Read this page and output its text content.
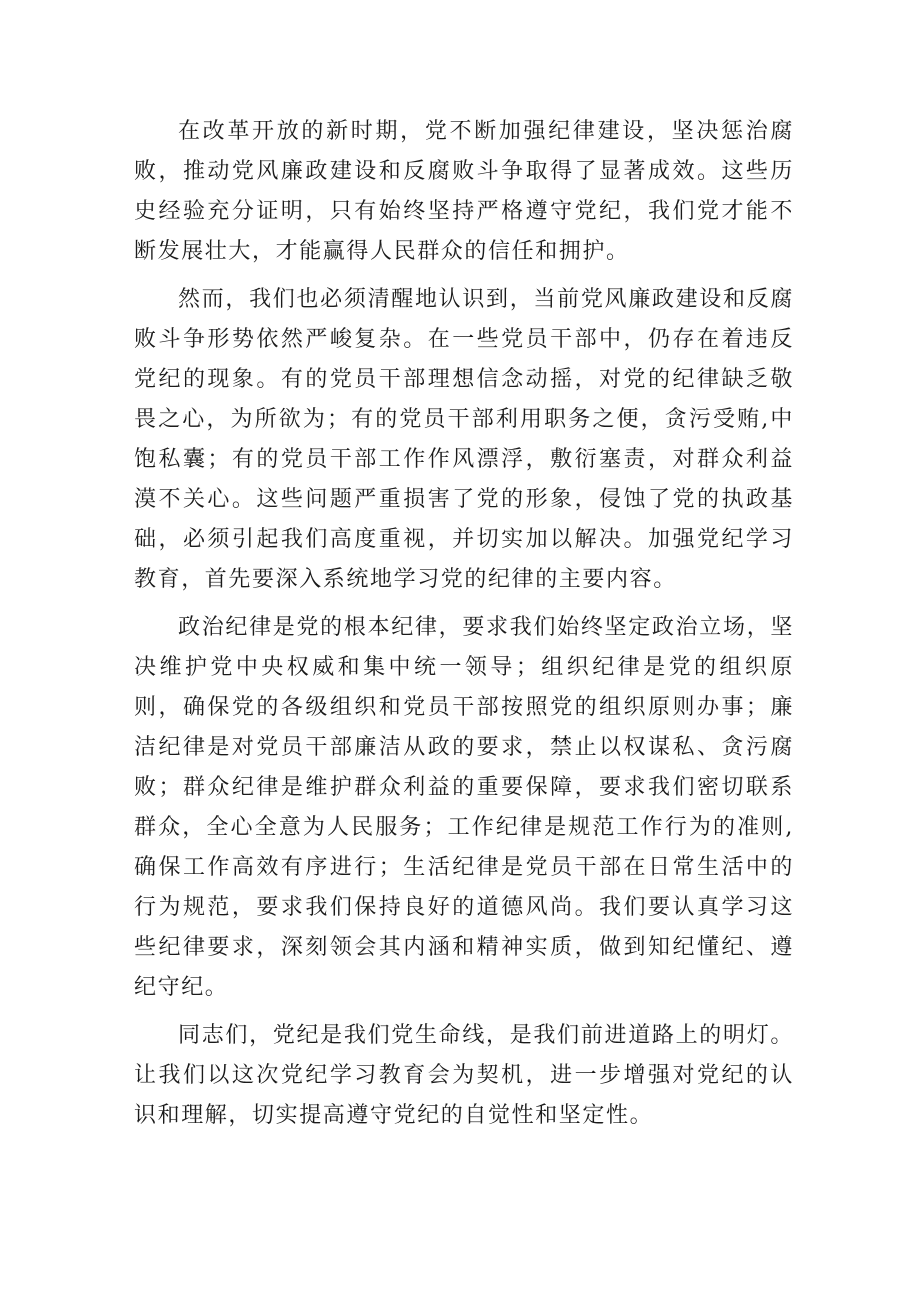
在改革开放的新时期，党不断加强纪律建设，坚决惩治腐败，推动党风廉政建设和反腐败斗争取得了显著成效。这些历史经验充分证明，只有始终坚持严格遵守党纪，我们党才能不断发展壮大，才能赢得人民群众的信任和拥护。

然而，我们也必须清醒地认识到，当前党风廉政建设和反腐败斗争形势依然严峻复杂。在一些党员干部中，仍存在着违反党纪的现象。有的党员干部理想信念动摇，对党的纪律缺乏敬畏之心，为所欲为；有的党员干部利用职务之便，贪污受贿,中饱私囊；有的党员干部工作作风漂浮，敷衍塞责，对群众利益漠不关心。这些问题严重损害了党的形象，侵蚀了党的执政基础，必须引起我们高度重视，并切实加以解决。加强党纪学习教育，首先要深入系统地学习党的纪律的主要内容。

政治纪律是党的根本纪律，要求我们始终坚定政治立场，坚决维护党中央权威和集中统一领导；组织纪律是党的组织原则，确保党的各级组织和党员干部按照党的组织原则办事；廉洁纪律是对党员干部廉洁从政的要求，禁止以权谋私、贪污腐败；群众纪律是维护群众利益的重要保障，要求我们密切联系群众，全心全意为人民服务；工作纪律是规范工作行为的准则,确保工作高效有序进行；生活纪律是党员干部在日常生活中的行为规范，要求我们保持良好的道德风尚。我们要认真学习这些纪律要求，深刻领会其内涵和精神实质，做到知纪懂纪、遵纪守纪。

同志们，党纪是我们党生命线，是我们前进道路上的明灯。让我们以这次党纪学习教育会为契机，进一步增强对党纪的认识和理解，切实提高遵守党纪的自觉性和坚定性。
